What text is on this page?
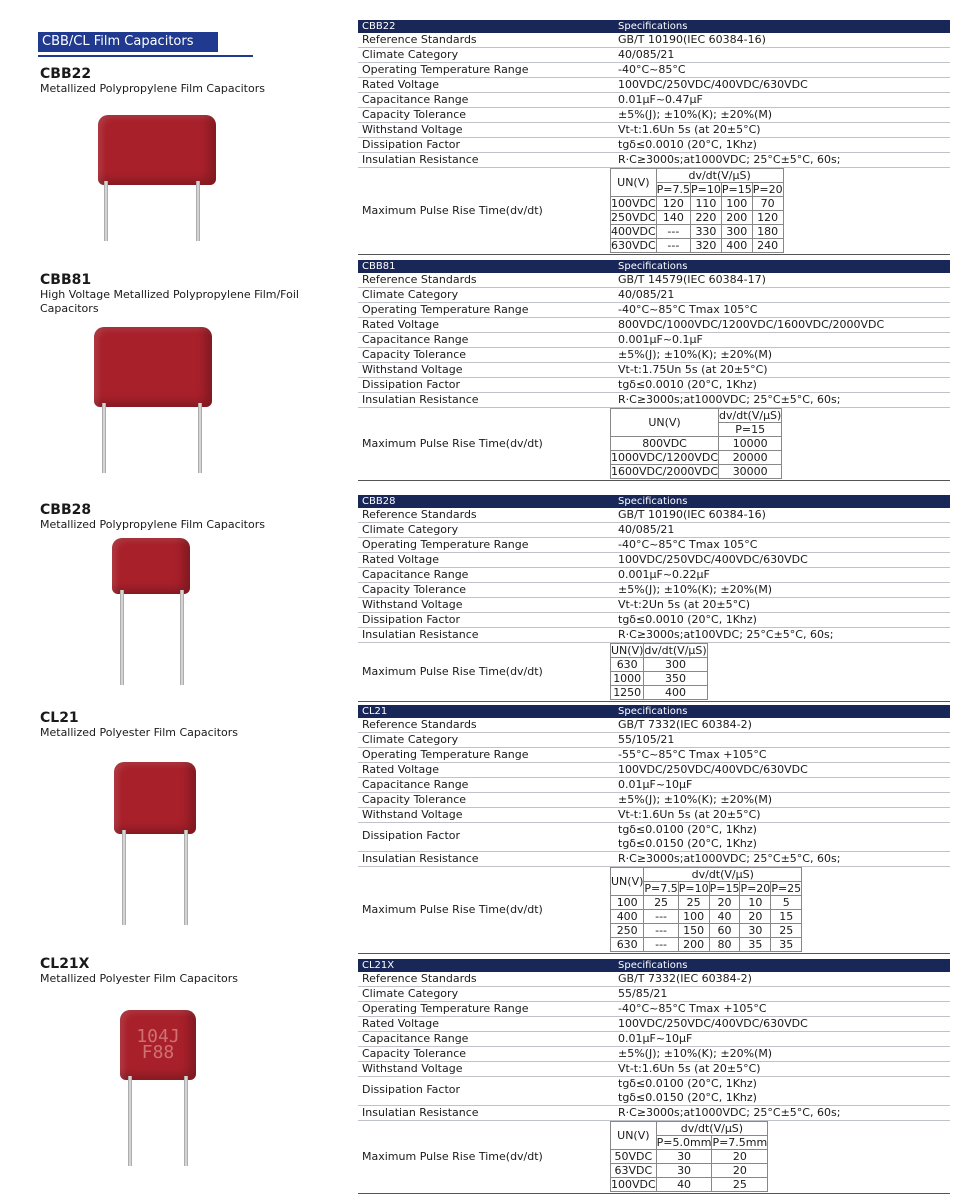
CBB/CL Film Capacitors
CBB22
Metallized Polypropylene Film Capacitors
CBB22	Specifications
Reference Standards	GB/T 10190(IEC 60384-16)
Climate Category	40/085/21
Operating Temperature Range	-40°C~85°C
Rated Voltage	100VDC/250VDC/400VDC/630VDC
Capacitance Range	0.01μF~0.47μF
Capacity Tolerance	±5%(J); ±10%(K); ±20%(M)
Withstand Voltage	Vt-t:1.6Un 5s (at 20±5°C)
Dissipation Factor	tgδ≤0.0010 (20°C, 1Khz)
Insulatian Resistance	R·C≥3000s;at1000VDC; 25°C±5°C, 60s;
Maximum Pulse Rise Time(dv/dt)
UN(V)	dv/dt(V/μS)			
	P=7.5	P=10	P=15	P=20
100VDC	120	110	100	70
250VDC	140	220	200	120
400VDC	---	330	300	180
630VDC	---	320	400	240
CBB81
High Voltage Metallized Polypropylene Film/Foil Capacitors
CBB81	Specifications
Reference Standards	GB/T 14579(IEC 60384-17)
Climate Category	40/085/21
Operating Temperature Range	-40°C~85°C Tmax 105°C
Rated Voltage	800VDC/1000VDC/1200VDC/1600VDC/2000VDC
Capacitance Range	0.001μF~0.1μF
Capacity Tolerance	±5%(J); ±10%(K); ±20%(M)
Withstand Voltage	Vt-t:1.75Un 5s (at 20±5°C)
Dissipation Factor	tgδ≤0.0010 (20°C, 1Khz)
Insulatian Resistance	R·C≥3000s;at1000VDC; 25°C±5°C, 60s;
Maximum Pulse Rise Time(dv/dt)
UN(V)	dv/dt(V/μS)
	P=15
800VDC	10000
1000VDC/1200VDC	20000
1600VDC/2000VDC	30000
CBB28
Metallized Polypropylene Film Capacitors
CBB28	Specifications
Reference Standards	GB/T 10190(IEC 60384-16)
Climate Category	40/085/21
Operating Temperature Range	-40°C~85°C Tmax 105°C
Rated Voltage	100VDC/250VDC/400VDC/630VDC
Capacitance Range	0.001μF~0.22μF
Capacity Tolerance	±5%(J); ±10%(K); ±20%(M)
Withstand Voltage	Vt-t:2Un 5s (at 20±5°C)
Dissipation Factor	tgδ≤0.0010 (20°C, 1Khz)
Insulatian Resistance	R·C≥3000s;at100VDC; 25°C±5°C, 60s;
Maximum Pulse Rise Time(dv/dt)
UN(V)	dv/dt(V/μS)
630	300
1000	350
1250	400
CL21
Metallized Polyester Film Capacitors
CL21	Specifications
Reference Standards	GB/T 7332(IEC 60384-2)
Climate Category	55/105/21
Operating Temperature Range	-55°C~85°C Tmax +105°C
Rated Voltage	100VDC/250VDC/400VDC/630VDC
Capacitance Range	0.01μF~10μF
Capacity Tolerance	±5%(J); ±10%(K); ±20%(M)
Withstand Voltage	Vt-t:1.6Un 5s (at 20±5°C)
Dissipation Factor	tgδ≤0.0100 (20°C, 1Khz)
tgδ≤0.0150 (20°C, 1Khz)
Insulatian Resistance	R·C≥3000s;at1000VDC; 25°C±5°C, 60s;
Maximum Pulse Rise Time(dv/dt)
UN(V)	dv/dt(V/μS)				
	P=7.5	P=10	P=15	P=20	P=25
100	25	25	20	10	5
400	---	100	40	20	15
250	---	150	60	30	25
630	---	200	80	35	35
CL21X
Metallized Polyester Film Capacitors
104J
F88
CL21X	Specifications
Reference Standards	GB/T 7332(IEC 60384-2)
Climate Category	55/85/21
Operating Temperature Range	-40°C~85°C Tmax +105°C
Rated Voltage	100VDC/250VDC/400VDC/630VDC
Capacitance Range	0.01μF~10μF
Capacity Tolerance	±5%(J); ±10%(K); ±20%(M)
Withstand Voltage	Vt-t:1.6Un 5s (at 20±5°C)
Dissipation Factor	tgδ≤0.0100 (20°C, 1Khz)
tgδ≤0.0150 (20°C, 1Khz)
Insulatian Resistance	R·C≥3000s;at1000VDC; 25°C±5°C, 60s;
Maximum Pulse Rise Time(dv/dt)
UN(V)	dv/dt(V/μS)	
	P=5.0mm	P=7.5mm
50VDC	30	20
63VDC	30	20
100VDC	40	25
